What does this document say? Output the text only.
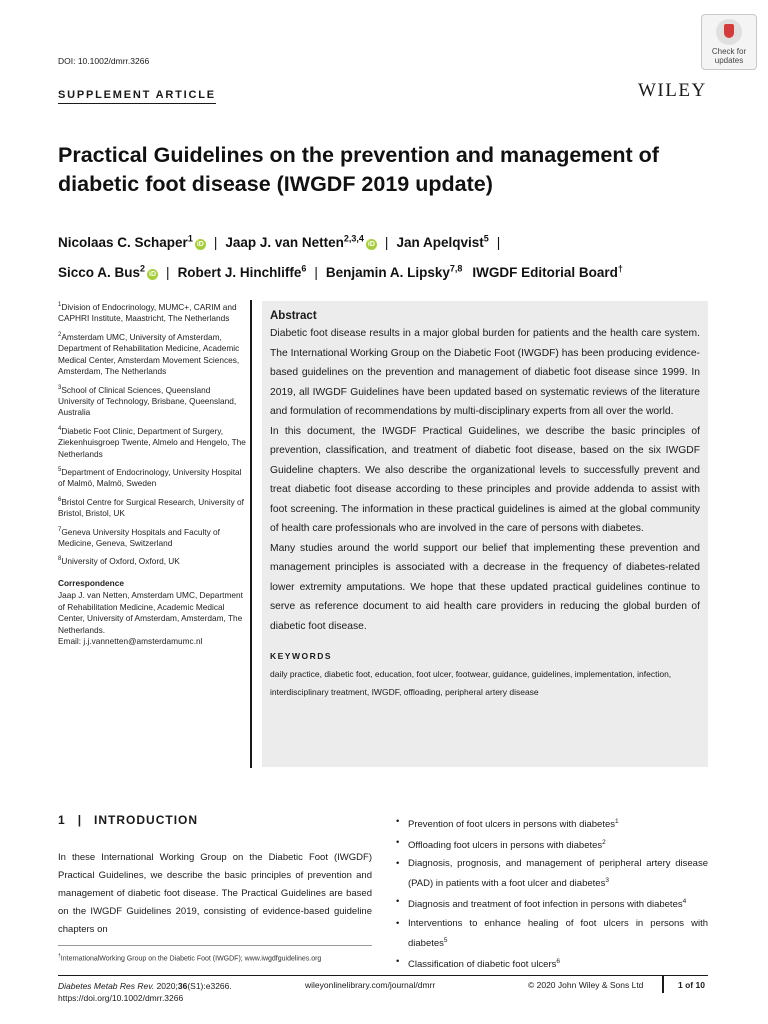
DOI: 10.1002/dmrr.3266
Check for
updates
SUPPLEMENT ARTICLE	WILEY
Practical Guidelines on the prevention and management of diabetic foot disease (IWGDF 2019 update)
Nicolaas C. Schaper$^1$iD | Jaap J. van Netten$^{2,3,4}$iD | Jan Apelqvist$^5$ |
Sicco A. Bus$^2$iD | Robert J. Hinchliffe$^6$ | Benjamin A. Lipsky$^{7,8}$ IWGDF Editorial Board†

$^1$Division of Endocrinology, MUMC+, CARIM and CAPHRI Institute, Maastricht, The Netherlands

$^2$Amsterdam UMC, University of Amsterdam, Department of Rehabilitation Medicine, Academic Medical Center, Amsterdam Movement Sciences, Amsterdam, The Netherlands

$^3$School of Clinical Sciences, Queensland University of Technology, Brisbane, Queensland, Australia

$^4$Diabetic Foot Clinic, Department of Surgery, Ziekenhuisgroep Twente, Almelo and Hengelo, The Netherlands

$^5$Department of Endocrinology, University Hospital of Malmö, Malmö, Sweden

$^6$Bristol Centre for Surgical Research, University of Bristol, Bristol, UK

$^7$Geneva University Hospitals and Faculty of Medicine, Geneva, Switzerland

$^8$University of Oxford, Oxford, UK

Correspondence

Jaap J. van Netten, Amsterdam UMC, Department of Rehabilitation Medicine, Academic Medical Center, University of Amsterdam, Amsterdam, The Netherlands.
Email: j.j.vannetten@amsterdamumc.nl

Abstract

Diabetic foot disease results in a major global burden for patients and the health care system. The International Working Group on the Diabetic Foot (IWGDF) has been producing evidence-based guidelines on the prevention and management of diabetic foot disease since 1999. In 2019, all IWGDF Guidelines have been updated based on systematic reviews of the literature and formulation of recommendations by multi-disciplinary experts from all over the world.

In this document, the IWGDF Practical Guidelines, we describe the basic principles of prevention, classification, and treatment of diabetic foot disease, based on the six IWGDF Guideline chapters. We also describe the organizational levels to successfully prevent and treat diabetic foot disease according to these principles and provide addenda to assist with foot screening. The information in these practical guidelines is aimed at the global community of health care professionals who are involved in the care of persons with diabetes.

Many studies around the world support our belief that implementing these prevention and management principles is associated with a decrease in the frequency of diabetes-related lower extremity amputations. We hope that these updated practical guidelines continue to serve as reference document to aid health care providers in reducing the global burden of diabetic foot disease.

KEYWORDS
daily practice, diabetic foot, education, foot ulcer, footwear, guidance, guidelines, implementation, infection, interdisciplinary treatment, IWGDF, offloading, peripheral artery disease
1 | INTRODUCTION
In these International Working Group on the Diabetic Foot (IWGDF) Practical Guidelines, we describe the basic principles of prevention and management of diabetic foot disease. The Practical Guidelines are based on the IWGDF Guidelines 2019, consisting of evidence-based guideline chapters on
†InternationalWorking Group on the Diabetic Foot (IWGDF); www.iwgdfguidelines.org
• Prevention of foot ulcers in persons with diabetes$^1$
• Offloading foot ulcers in persons with diabetes$^2$
• Diagnosis, prognosis, and management of peripheral artery disease (PAD) in patients with a foot ulcer and diabetes$^3$
• Diagnosis and treatment of foot infection in persons with diabetes$^4$
• Interventions to enhance healing of foot ulcers in persons with diabetes$^5$
• Classification of diabetic foot ulcers$^6$
Diabetes Metab Res Rev. 2020;36(S1):e3266.
https://doi.org/10.1002/dmrr.3266
wileyonlinelibrary.com/journal/dmrr	© 2020 John Wiley & Sons Ltd	1 of 10
